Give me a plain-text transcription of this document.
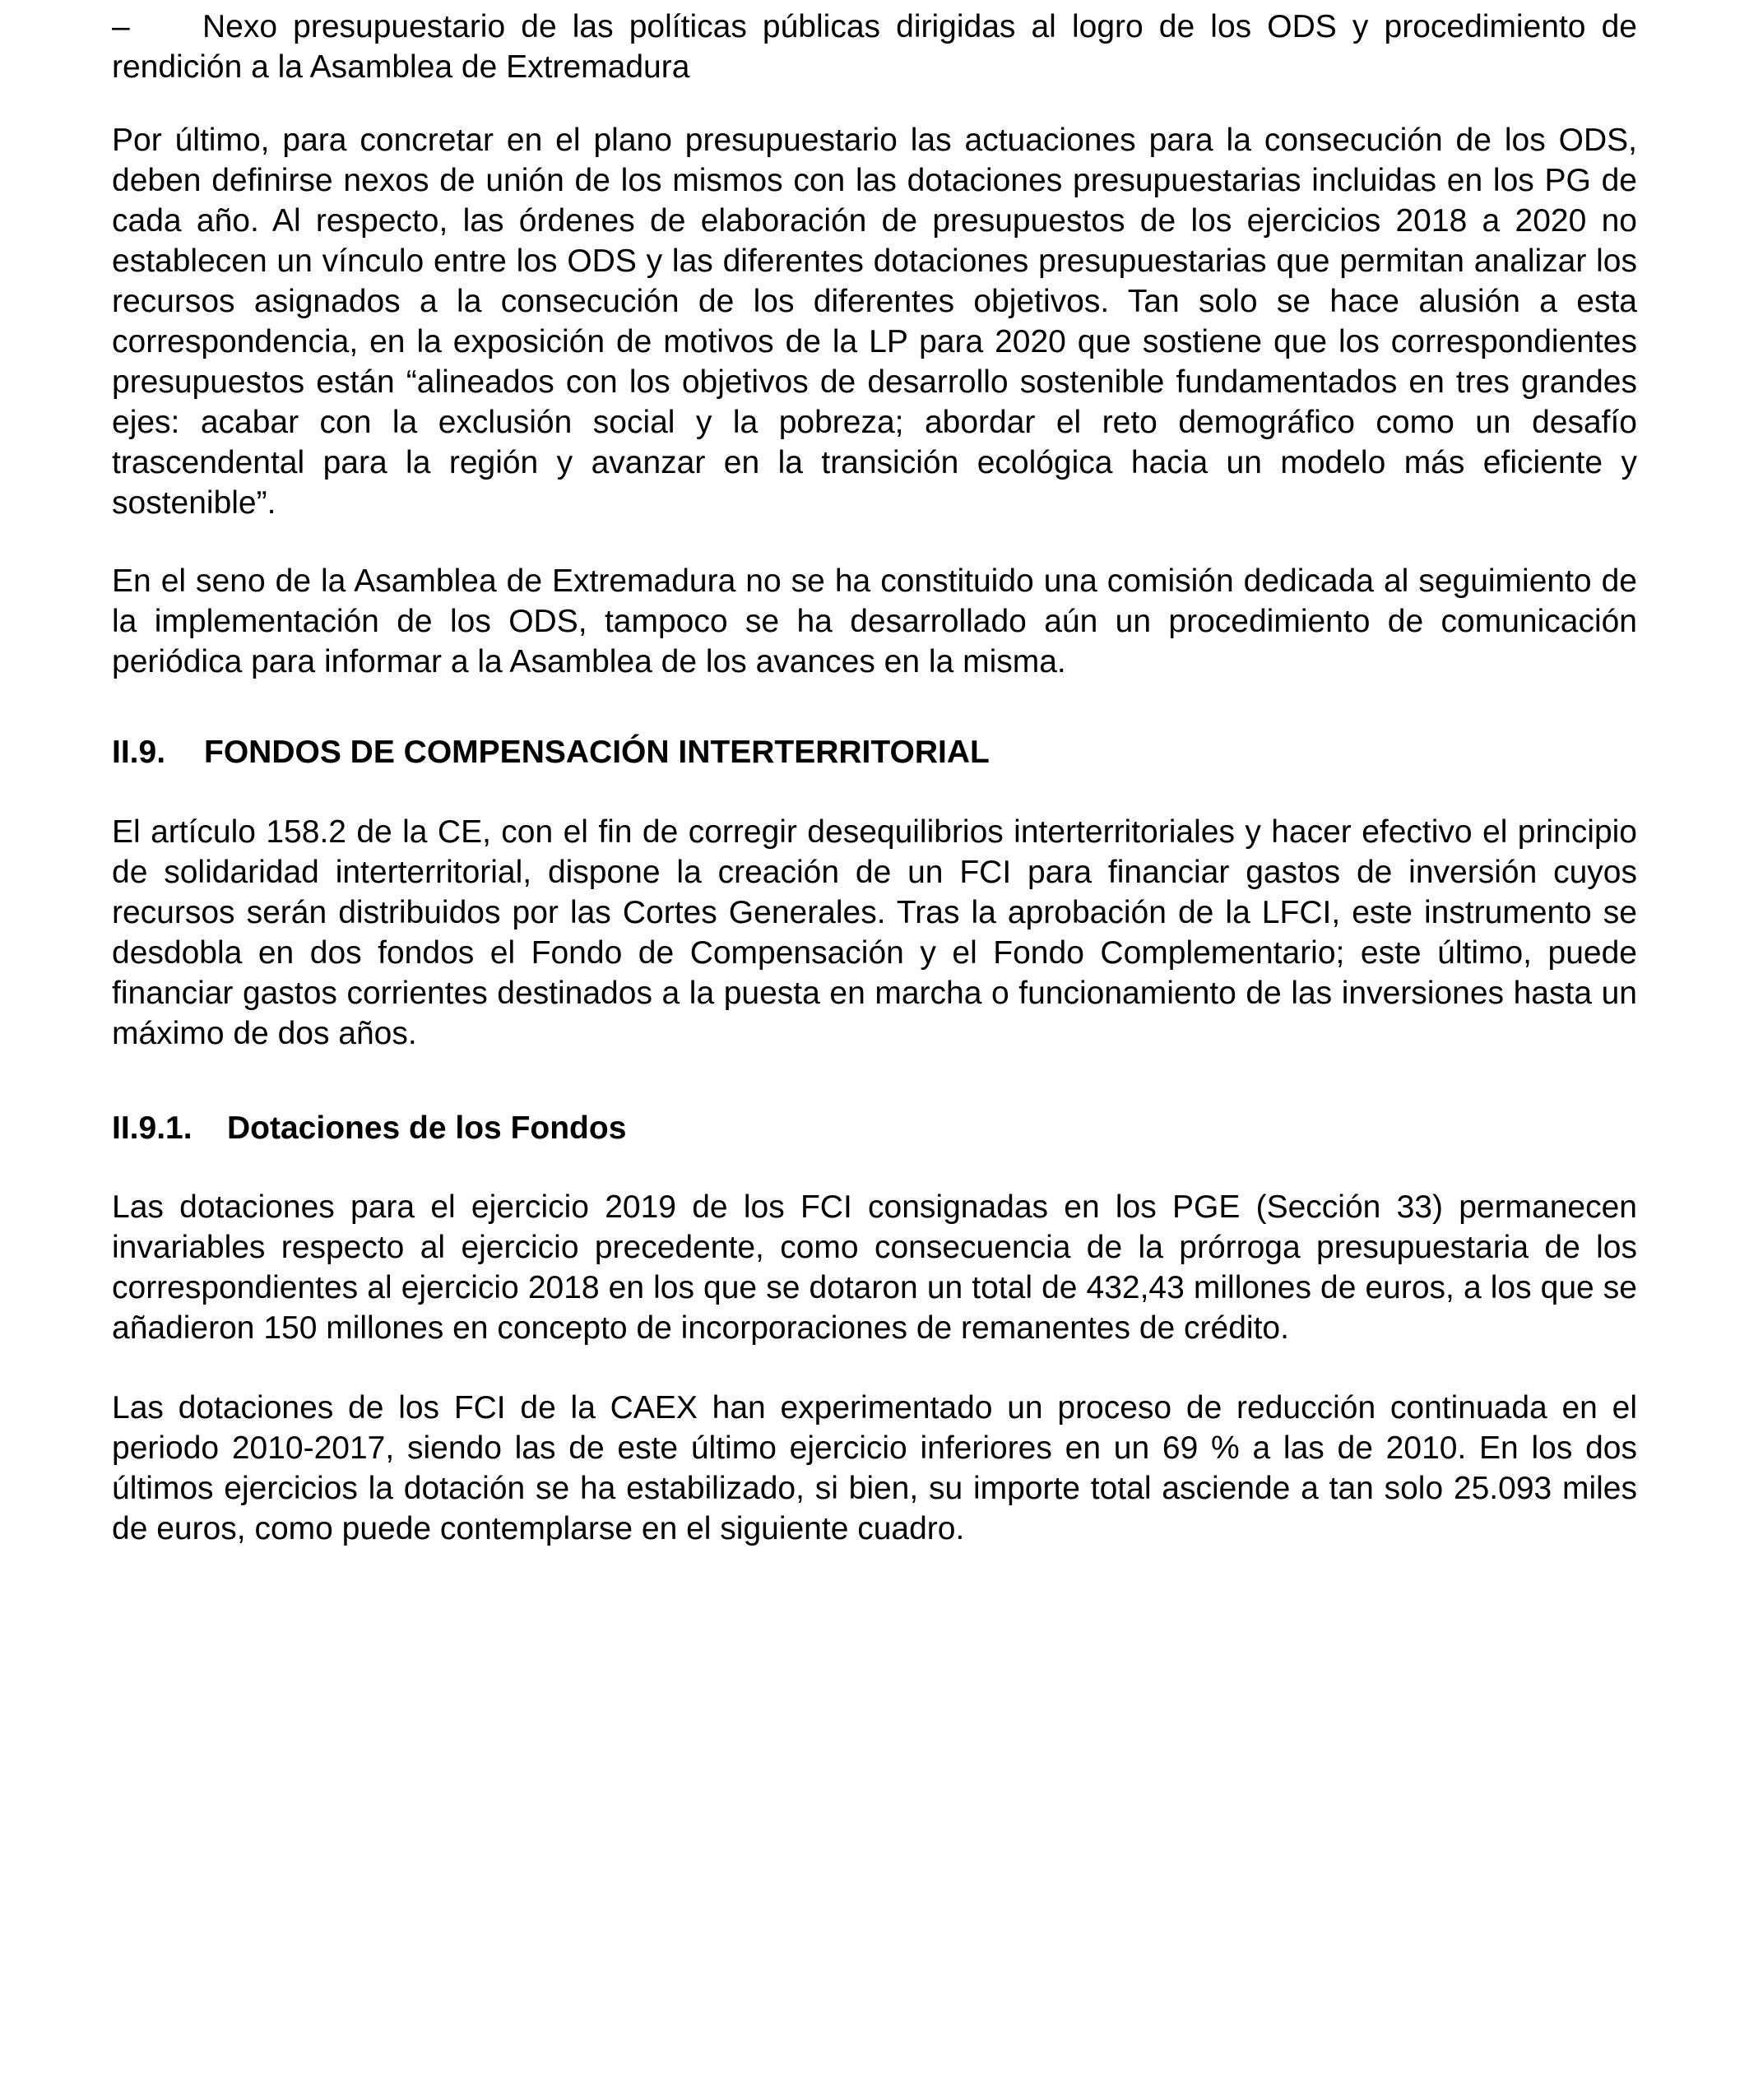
– Nexo presupuestario de las políticas públicas dirigidas al logro de los ODS y procedimiento de rendición a la Asamblea de Extremadura

Por último, para concretar en el plano presupuestario las actuaciones para la consecución de los ODS, deben definirse nexos de unión de los mismos con las dotaciones presupuestarias incluidas en los PG de cada año. Al respecto, las órdenes de elaboración de presupuestos de los ejercicios 2018 a 2020 no establecen un vínculo entre los ODS y las diferentes dotaciones presupuestarias que permitan analizar los recursos asignados a la consecución de los diferentes objetivos. Tan solo se hace alusión a esta correspondencia, en la exposición de motivos de la LP para 2020 que sostiene que los correspondientes presupuestos están “alineados con los objetivos de desarrollo sostenible fundamentados en tres grandes ejes: acabar con la exclusión social y la pobreza; abordar el reto demográfico como un desafío trascendental para la región y avanzar en la transición ecológica hacia un modelo más eficiente y sostenible”.

En el seno de la Asamblea de Extremadura no se ha constituido una comisión dedicada al seguimiento de la implementación de los ODS, tampoco se ha desarrollado aún un procedimiento de comunicación periódica para informar a la Asamblea de los avances en la misma.

II.9. FONDOS DE COMPENSACIÓN INTERTERRITORIAL

El artículo 158.2 de la CE, con el fin de corregir desequilibrios interterritoriales y hacer efectivo el principio de solidaridad interterritorial, dispone la creación de un FCI para financiar gastos de inversión cuyos recursos serán distribuidos por las Cortes Generales. Tras la aprobación de la LFCI, este instrumento se desdobla en dos fondos el Fondo de Compensación y el Fondo Complementario; este último, puede financiar gastos corrientes destinados a la puesta en marcha o funcionamiento de las inversiones hasta un máximo de dos años.

II.9.1. Dotaciones de los Fondos

Las dotaciones para el ejercicio 2019 de los FCI consignadas en los PGE (Sección 33) permanecen invariables respecto al ejercicio precedente, como consecuencia de la prórroga presupuestaria de los correspondientes al ejercicio 2018 en los que se dotaron un total de 432,43 millones de euros, a los que se añadieron 150 millones en concepto de incorporaciones de remanentes de crédito.

Las dotaciones de los FCI de la CAEX han experimentado un proceso de reducción continuada en el periodo 2010-2017, siendo las de este último ejercicio inferiores en un 69 % a las de 2010. En los dos últimos ejercicios la dotación se ha estabilizado, si bien, su importe total asciende a tan solo 25.093 miles de euros, como puede contemplarse en el siguiente cuadro.
